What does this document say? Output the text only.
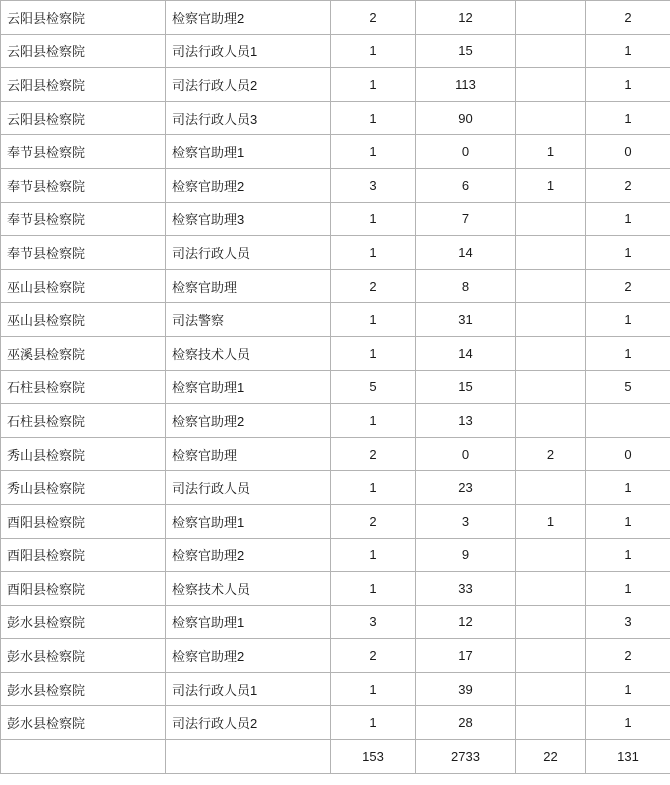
云阳县检察院	检察官助理2	2	12		2
云阳县检察院	司法行政人员1	1	15		1
云阳县检察院	司法行政人员2	1	113		1
云阳县检察院	司法行政人员3	1	90		1
奉节县检察院	检察官助理1	1	0	1	0
奉节县检察院	检察官助理2	3	6	1	2
奉节县检察院	检察官助理3	1	7		1
奉节县检察院	司法行政人员	1	14		1
巫山县检察院	检察官助理	2	8		2
巫山县检察院	司法警察	1	31		1
巫溪县检察院	检察技术人员	1	14		1
石柱县检察院	检察官助理1	5	15		5
石柱县检察院	检察官助理2	1	13		
秀山县检察院	检察官助理	2	0	2	0
秀山县检察院	司法行政人员	1	23		1
酉阳县检察院	检察官助理1	2	3	1	1
酉阳县检察院	检察官助理2	1	9		1
酉阳县检察院	检察技术人员	1	33		1
彭水县检察院	检察官助理1	3	12		3
彭水县检察院	检察官助理2	2	17		2
彭水县检察院	司法行政人员1	1	39		1
彭水县检察院	司法行政人员2	1	28		1
		153	2733	22	131
